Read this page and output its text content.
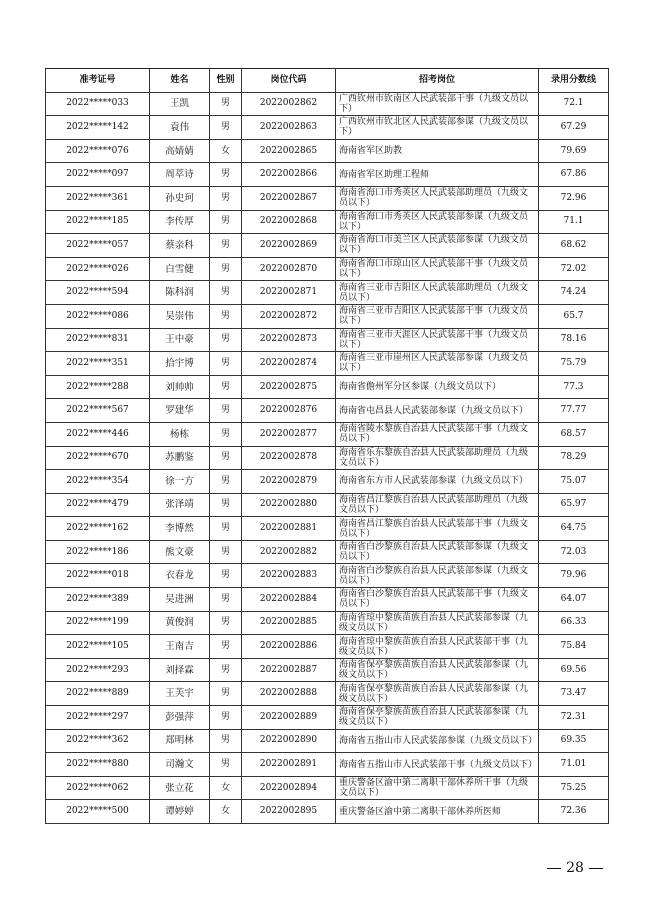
准考证号	姓名	性别	岗位代码	招考岗位	录用分数线
2022*****033	王凯	男	2022002862	广西钦州市钦南区人民武装部干事（九级文员以下）	72.1
2022*****142	袁伟	男	2022002863	广西钦州市钦北区人民武装部参谋（九级文员以下）	67.29
2022*****076	高婧婧	女	2022002865	海南省军区助教	79.69
2022*****097	周萃诗	男	2022002866	海南省军区助理工程师	67.86
2022*****361	孙史珂	男	2022002867	海南省海口市秀英区人民武装部助理员（九级文员以下）	72.96
2022*****185	李传厚	男	2022002868	海南省海口市秀英区人民武装部参谋（九级文员以下）	71.1
2022*****057	蔡亲科	男	2022002869	海南省海口市美兰区人民武装部参谋（九级文员以下）	68.62
2022*****026	白雪健	男	2022002870	海南省海口市琼山区人民武装部干事（九级文员以下）	72.02
2022*****594	陈科润	男	2022002871	海南省三亚市吉阳区人民武装部助理员（九级文员以下）	74.24
2022*****086	吴崇伟	男	2022002872	海南省三亚市吉阳区人民武装部干事（九级文员以下）	65.7
2022*****831	王中豪	男	2022002873	海南省三亚市天涯区人民武装部干事（九级文员以下）	78.16
2022*****351	拾宇博	男	2022002874	海南省三亚市崖州区人民武装部参谋（九级文员以下）	75.79
2022*****288	刘帅帅	男	2022002875	海南省儋州军分区参谋（九级文员以下）	77.3
2022*****567	罗建华	男	2022002876	海南省屯昌县人民武装部参谋（九级文员以下）	77.77
2022*****446	杨栋	男	2022002877	海南省陵水黎族自治县人民武装部干事（九级文员以下）	68.57
2022*****670	苏鹏鉴	男	2022002878	海南省乐东黎族自治县人民武装部助理员（九级文员以下）	78.29
2022*****354	徐一方	男	2022002879	海南省东方市人民武装部参谋（九级文员以下）	75.07
2022*****479	张泽靖	男	2022002880	海南省昌江黎族自治县人民武装部助理员（九级文员以下）	65.97
2022*****162	李博然	男	2022002881	海南省昌江黎族自治县人民武装部干事（九级文员以下）	64.75
2022*****186	熊文豪	男	2022002882	海南省白沙黎族自治县人民武装部参谋（九级文员以下）	72.03
2022*****018	衣春龙	男	2022002883	海南省白沙黎族自治县人民武装部参谋（九级文员以下）	79.96
2022*****389	吴进洲	男	2022002884	海南省白沙黎族自治县人民武装部干事（九级文员以下）	64.07
2022*****199	黄俊润	男	2022002885	海南省琼中黎族苗族自治县人民武装部参谋（九级文员以下）	66.33
2022*****105	王南吉	男	2022002886	海南省琼中黎族苗族自治县人民武装部干事（九级文员以下）	75.84
2022*****293	刘择霖	男	2022002887	海南省保亭黎族苗族自治县人民武装部参谋（九级文员以下）	69.56
2022*****889	王芙宇	男	2022002888	海南省保亭黎族苗族自治县人民武装部参谋（九级文员以下）	73.47
2022*****297	彭强萍	男	2022002889	海南省保亭黎族苗族自治县人民武装部参谋（九级文员以下）	72.31
2022*****362	郑明林	男	2022002890	海南省五指山市人民武装部参谋（九级文员以下）	69.35
2022*****880	司瀚文	男	2022002891	海南省五指山市人民武装部干事（九级文员以下）	71.01
2022*****062	张立花	女	2022002894	重庆警备区渝中第二离职干部休养所干事（九级文员以下）	75.25
2022*****500	谭婷婷	女	2022002895	重庆警备区渝中第二离职干部休养所医师	72.36
28
